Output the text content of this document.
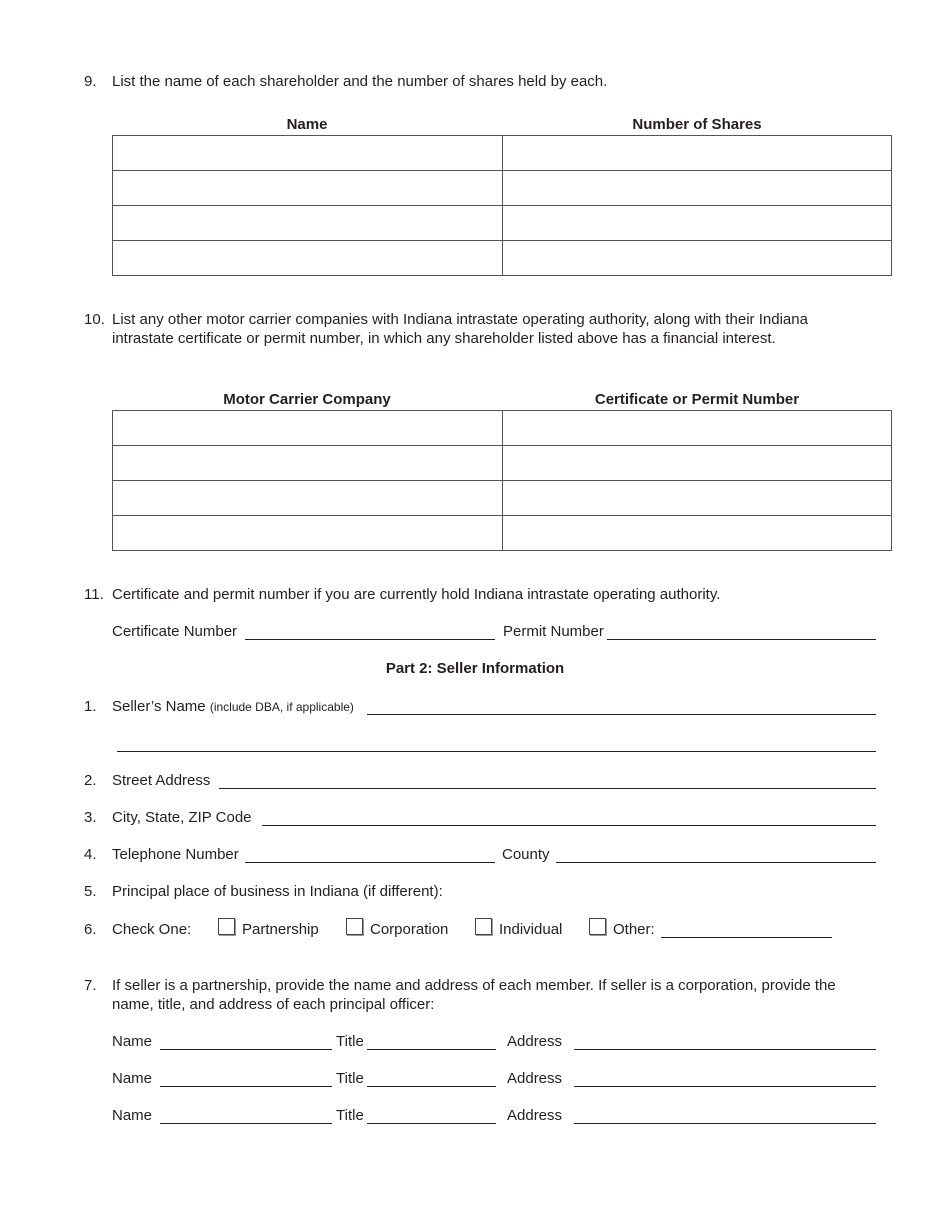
9. List the name of each shareholder and the number of shares held by each.
Name	Number of Shares

10. List any other motor carrier companies with Indiana intrastate operating authority, along with their Indiana
intrastate certificate or permit number, in which any shareholder listed above has a financial interest.
Motor Carrier Company	Certificate or Permit Number

11. Certificate and permit number if you are currently hold Indiana intrastate operating authority.
Certificate Number	Permit Number
Part 2: Seller Information
1. Seller’s Name (include DBA, if applicable)
2. Street Address
3. City, State, ZIP Code
4. Telephone Number	County
5. Principal place of business in Indiana (if different):
6. Check One:	Partnership	Corporation	Individual	Other:
7. If seller is a partnership, provide the name and address of each member. If seller is a corporation, provide the
name, title, and address of each principal officer:
Name	Title	Address
Name	Title	Address
Name	Title	Address
